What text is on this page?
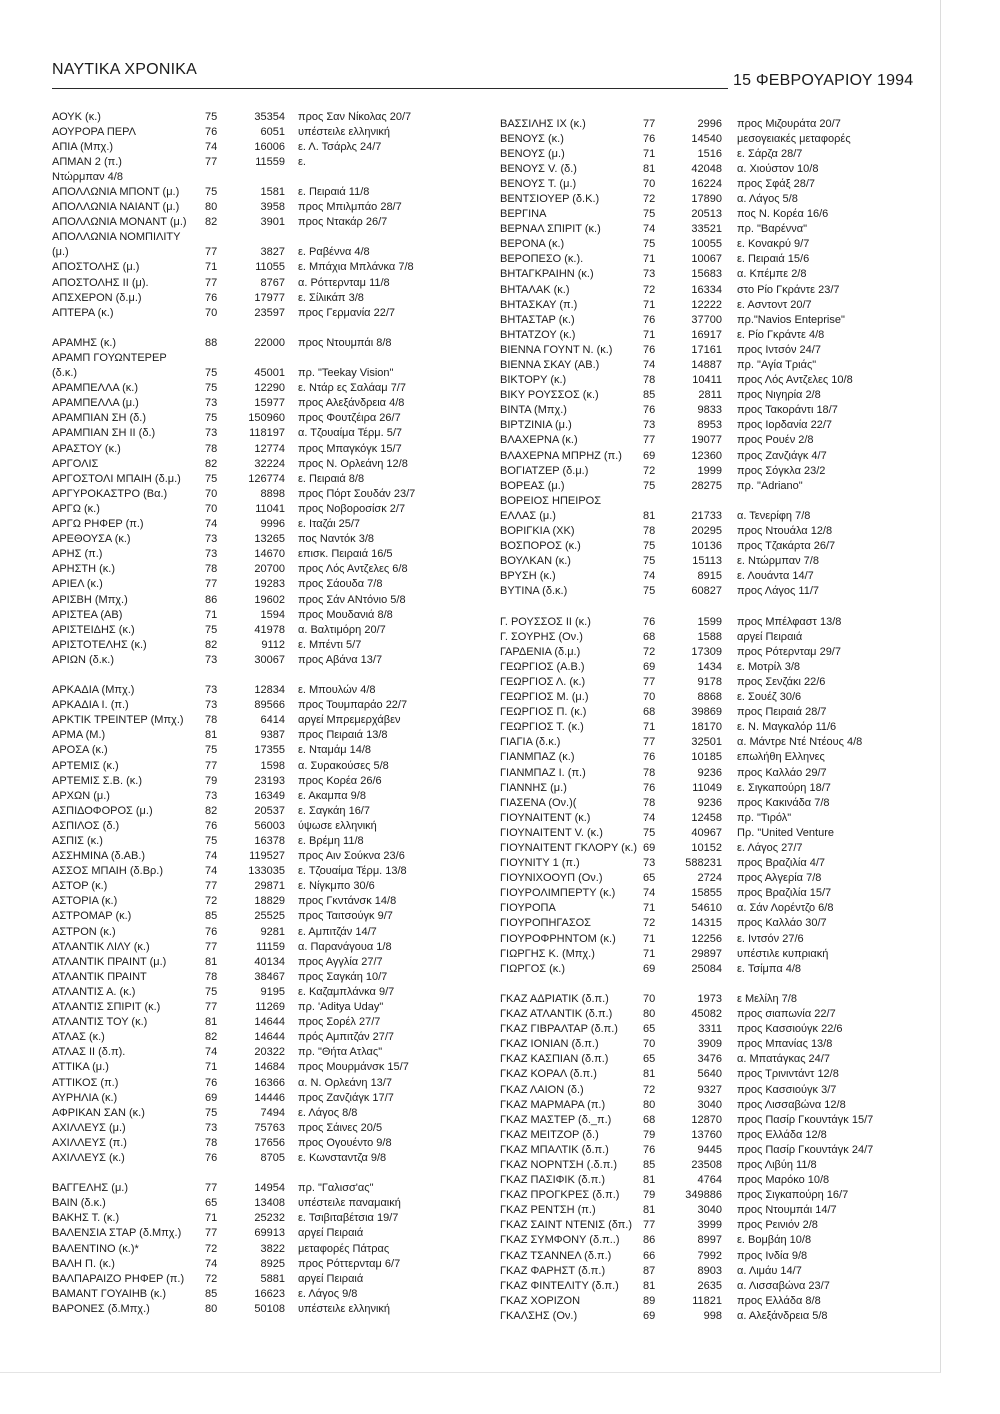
ΝΑΥΤΙΚΑ ΧΡΟΝΙΚΑ
15 ΦΕΒΡΟΥΑΡΙΟΥ 1994
ΑΟΥΚ (κ.)	75	35354 προς Σαν Νίκολας 20/7
ΑΟΥΡΟΡΑ ΠΕΡΛ	76	6051 υπέστειλε ελληνική
ΑΠΙΑ (Μπχ.)	74	16006 ε. Λ. Τσάρλς 24/7
ΑΠΜΑΝ 2 (π.)	77	11559 ε.
Ντώρμπαν 4/8
ΑΠΟΛΛΩΝΙΑ ΜΠΟΝΤ (μ.)	75	1581 ε. Πειραιά 11/8
ΑΠΟΛΛΩΝΙΑ ΝΑΙΑΝΤ (μ.)	80	3958 προς Μπιλμπάο 28/7
ΑΠΟΛΛΩΝΙΑ ΜΟΝΑΝΤ (μ.)	82	3901 προς Ντακάρ 26/7
ΑΠΟΛΛΩΝΙΑ ΝΟΜΠΙΛΙΤΥ
(μ.)	77	3827 ε. Ραβέννα 4/8
ΑΠΟΣΤΟΛΗΣ (μ.)	71	11055 ε. Μπάχια Μπλάνκα 7/8
ΑΠΟΣΤΟΛΗΣ ΙΙ (μ).	77	8767 α. Ρόττερνταμ 11/8
ΑΠΣΧΕΡΟΝ (δ.μ.)	76	17977 ε. Σίλικάπ 3/8
ΑΠΤΕΡΑ (κ.)	70	23597 προς Γερμανία 22/7
ΑΡΑΜΗΣ (κ.)	88	22000 προς Ντουμπάι 8/8
ΑΡΑΜΠ ΓΟΥΩΝΤΕΡΕΡ
(δ.κ.)	75	45001 πρ. "Teekay Vision"
ΑΡΑΜΠΕΛΛΑ (κ.)	75	12290 ε. Ντάρ ες Σαλάαμ 7/7
ΑΡΑΜΠΕΛΛΑ (μ.)	73	15977 προς Αλεξάνδρεια 4/8
ΑΡΑΜΠΙΑΝ ΣΗ (δ.)	75	150960 προς Φουτζέιρα 26/7
ΑΡΑΜΠΙΑΝ ΣΗ ΙΙ (δ.)	73	118197 α. Τζουαίμα Τέρμ. 5/7
ΑΡΑΣΤΟΥ (κ.)	78	12774 προς Μπαγκόγκ 15/7
ΑΡΓΟΛΙΣ	82	32224 προς Ν. Ορλεάνη 12/8
ΑΡΓΟΣΤΟΛΙ ΜΠΑΙΗ (δ.μ.)	75	126774 ε. Πειραιά 8/8
ΑΡΓΥΡΟΚΑΣΤΡΟ (Βα.)	70	8898 προς Πόρτ Σουδάν 23/7
ΑΡΓΩ (κ.)	70	11041 προς Νοβοροσίσκ 2/7
ΑΡΓΩ ΡΗΦΕΡ (π.)	74	9996 ε. Ιταζάι 25/7
ΑΡΕΘΟΥΣΑ (κ.)	73	13265 πος Ναντόκ 3/8
ΑΡΗΣ (π.)	73	14670 επισκ. Πειραιά 16/5
ΑΡΗΣΤΗ (κ.)	78	20700 προς Λός Αντζελες 6/8
ΑΡΙΕΛ (κ.)	77	19283 προς Σάουδα 7/8
ΑΡΙΣΒΗ (Μπχ.)	86	19602 προς Σάν ΑΝτόνιο 5/8
ΑΡΙΣΤΕΑ (ΑΒ)	71	1594 προς Μουδανιά 8/8
ΑΡΙΣΤΕΙΔΗΣ (κ.)	75	41978 α. Βαλτιμόρη 20/7
ΑΡΙΣΤΟΤΕΛΗΣ (κ.)	82	9112 ε. Μπέντι 5/7
ΑΡΙΩΝ (δ.κ.)	73	30067 προς Αβάνα 13/7
ΑΡΚΑΔΙΑ (Μπχ.)	73	12834 ε. Μπουλών 4/8
ΑΡΚΑΔΙΑ Ι. (π.)	73	89566 προς Τουμπαράο 22/7
ΑΡΚΤΙΚ ΤΡΕΙΝΤΕΡ (Μπχ.)	78	6414 αργεί Μπρεμερχάβεν
ΑΡΜΑ (Μ.)	81	9387 προς Πειραιά 13/8
ΑΡΟΣΑ (κ.)	75	17355 ε. Νταμάμ 14/8
ΑΡΤΕΜΙΣ (κ.)	77	1598 α. Συρακούσες 5/8
ΑΡΤΕΜΙΣ Σ.Β. (κ.)	79	23193 προς Κορέα 26/6
ΑΡΧΩΝ (μ.)	73	16349 ε. Ακαμπα 9/8
ΑΣΠΙΔΟΦΟΡΟΣ (μ.)	82	20537 ε. Σαγκάη 16/7
ΑΣΠΙΛΟΣ (δ.)	76	56003 ύψωσε ελληνική
ΑΣΠΙΣ (κ.)	75	16378 ε. Βρέμη 11/8
ΑΣΣΗΜΙΝΑ (δ.ΑΒ.)	74	119527 προς Αιν Σούκνα 23/6
ΑΣΣΟΣ ΜΠΑΙΗ (δ.Βρ.)	74	133035 ε. Τζουαίμα Τέρμ. 13/8
ΑΣΤΟΡ (κ.)	77	29871 ε. Νίγκμπο 30/6
ΑΣΤΟΡΙΑ (κ.)	72	18829 προς Γκντάνσκ 14/8
ΑΣΤΡΟΜΑΡ (κ.)	85	25525 προς Ταιτσούγκ 9/7
ΑΣΤΡΟΝ (κ.)	76	9281 ε. Αμπιτζάν 14/7
ΑΤΛΑΝΤΙΚ ΛΙΛΥ (κ.)	77	11159 α. Παρανάγουα 1/8
ΑΤΛΑΝΤΙΚ ΠΡΑΙΝΤ (μ.)	81	40134 προς Αγγλία 27/7
ΑΤΛΑΝΤΙΚ ΠΡΑΙΝΤ	78	38467 προς Σαγκάη 10/7
ΑΤΛΑΝΤΙΣ Α. (κ.)	75	9195 ε. Καζαμπλάνκα 9/7
ΑΤΛΑΝΤΙΣ ΣΠΙΡΙΤ (κ.)	77	11269 πρ. 'Aditya Uday"
ΑΤΛΑΝΤΙΣ ΤΟΥ (κ.)	81	14644 προς Σορέλ 27/7
ΑΤΛΑΣ (κ.)	82	14644 πρός Αμπιτζάν 27/7
ΑΤΛΑΣ ΙΙ (δ.π).	74	20322 πρ. "Θήτα Ατλας"
ΑΤΤΙΚΑ (μ.)	71	14684 προς Μουρμάνσκ 15/7
ΑΤΤΙΚΟΣ (π.)	76	16366 α. Ν. Ορλεάνη 13/7
ΑΥΡΗΛΙΑ (κ.)	69	14446 προς Ζανζιάγκ 17/7
ΑΦΡΙΚΑΝ ΣΑΝ (κ.)	75	7494 ε. Λάγος 8/8
ΑΧΙΛΛΕΥΣ (μ.)	73	75763 προς Σάινες 20/5
ΑΧΙΛΛΕΥΣ (π.)	78	17656 προς Ογουέντο 9/8
ΑΧΙΛΛΕΥΣ (κ.)	76	8705 ε. Κωνσταντζα 9/8
ΒΑΓΓΕΛΗΣ (μ.)	77	14954 πρ. "Γαλισσ'ας"
ΒΑΙΝ (δ.κ.)	65	13408 υπέστειλε παναμαική
ΒΑΚΗΣ Τ. (κ.)	71	25232 ε. Τσιβιταβέτσια 19/7
ΒΑΛΕΝΣΙΑ ΣΤΑΡ (δ.Μπχ.)	77	69913 αργεί Πειραιά
ΒΑΛΕΝΤΙΝΟ (κ.)*	72	3822 μεταφορές Πάτρας
ΒΑΛΗ Π. (κ.)	74	8925 προς Ρόττερνταμ 6/7
ΒΑΛΠΑΡΑΙΖΟ ΡΗΦΕΡ (π.)	72	5881 αργεί Πειραιά
ΒΑΜΑΝΤ ΓΟΥΑΙΗΒ (κ.)	85	16623 ε. Λάγος 9/8
ΒΑΡΟΝΕΣ (δ.Μπχ.)	80	50108 υπέστειλε ελληνική
ΒΑΣΣΙΛΗΣ ΙΧ (κ.)	77	2996 προς Μιζουράτα 20/7
ΒΕΝΟΥΣ (κ.)	76	14540 μεσογειακές μεταφορές
ΒΕΝΟΥΣ (μ.)	71	1516 ε. Σάρζα 28/7
ΒΕΝΟΥΣ V. (δ.)	81	42048 α. Χιούστον 10/8
ΒΕΝΟΥΣ Τ. (μ.)	70	16224 προς Σφάξ 28/7
ΒΕΝΤΣΙΟΥΕΡ (δ.Κ.)	72	17890 α. Λάγος 5/8
ΒΕΡΓΙΝΑ	75	20513 πος Ν. Κορέα 16/6
ΒΕΡΝΑΛ ΣΠΙΡΙΤ (κ.)	74	33521 πρ. "Βαρέννα"
ΒΕΡΟΝΑ (κ.)	75	10055 ε. Κονακρύ 9/7
ΒΕΡΟΠΕΣΟ (κ.).	71	10067 ε. Πειραιά 15/6
ΒΗΤΑΓΚΡΑΙΗΝ (κ.)	73	15683 α. Κπέμπε 2/8
ΒΗΤΑΛΑΚ (κ.)	72	16334 στο Ρίο Γκράντε 23/7
ΒΗΤΑΣΚΑΥ (π.)	71	12222 ε. Ασντοντ 20/7
ΒΗΤΑΣΤΑΡ (κ.)	76	37700 πρ."Navios Enteprise"
ΒΗΤΑΤΖΟΥ (κ.)	71	16917 ε. Ρίο Γκράντε 4/8
ΒΙΕΝΝΑ ΓΟΥΝΤ Ν. (κ.)	76	17161 προς Ιντσόν 24/7
ΒΙΕΝΝΑ ΣΚΑΥ (ΑΒ.)	74	14887 πρ. "Αγία Τριάς"
ΒΙΚΤΟΡΥ (κ.)	78	10411 προς Λός Αντζελες 10/8
ΒΙΚΥ ΡΟΥΣΣΟΣ (κ.)	85	2811 προς Νιγηρία 2/8
ΒΙΝΤΑ (Μπχ.)	76	9833 προς Τακοράντι 18/7
ΒΙΡΤΖΙΝΙΑ (μ.)	73	8953 προς Ιορδανία 22/7
ΒΛΑΧΕΡΝΑ (κ.)	77	19077 προς Ρουέν 2/8
ΒΛΑΧΕΡΝΑ ΜΠΡΗΖ (π.)	69	12360 προς Ζανζιάγκ 4/7
ΒΟΓΙΑΤΖΕΡ (δ.μ.)	72	1999 προς Σόγκλα 23/2
ΒΟΡΕΑΣ (μ.)	75	28275 πρ. "Adriano"
ΒΟΡΕΙΟΣ ΗΠΕΙΡΟΣ
ΕΛΛΑΣ (μ.)	81	21733 α. Τενερίφη 7/8
ΒΟΡΙΓΚΙΑ (ΧΚ)	78	20295 προς Ντουάλα 12/8
ΒΟΣΠΟΡΟΣ (κ.)	75	10136 προς Τζακάρτα 26/7
ΒΟΥΛΚΑΝ (κ.)	75	15113 ε. Ντώρμπαν 7/8
ΒΡΥΣΗ (κ.)	74	8915 ε. Λουάντα 14/7
ΒΥΤΙΝΑ (δ.κ.)	75	60827 προς Λάγος 11/7
Γ. ΡΟΥΣΣΟΣ ΙΙ (κ.)	76	1599 προς Μπέλφαστ 13/8
Γ. ΣΟΥΡΗΣ (Ον.)	68	1588 αργεί Πειραιά
ΓΑΡΔΕΝΙΑ (δ.μ.)	72	17309 προς Ρότερνταμ 29/7
ΓΕΩΡΓΙΟΣ (Α.Β.)	69	1434 ε. Μοτρίλ 3/8
ΓΕΩΡΓΙΟΣ Λ. (κ.)	77	9178 προς Σενζάκι 22/6
ΓΕΩΡΓΙΟΣ Μ. (μ.)	70	8868 ε. Σουέζ 30/6
ΓΕΩΡΓΙΟΣ Π. (κ.)	68	39869 προς Πειραιά 28/7
ΓΕΩΡΓΙΟΣ Τ. (κ.)	71	18170 ε. Ν. Μαγκαλόρ 11/6
ΓΙΑΓΙΑ (δ.κ.)	77	32501 α. Μάντρε Ντέ Ντέους 4/8
ΓΙΑΝΜΠΑΖ (κ.)	76	10185 επωλήθη Ελληνες
ΓΙΑΝΜΠΑΖ Ι. (π.)	78	9236 προς Καλλάο 29/7
ΓΙΑΝΝΗΣ (μ.)	76	11049 ε. Σιγκαπούρη 18/7
ΓΙΑΣΕΝΑ (Ον.)(	78	9236 προς Κακινάδα 7/8
ΓΙΟΥΝΑΙΤΕΝΤ (κ.)	74	12458 πρ. "Τιρόλ"
ΓΙΟΥΝΑΙΤΕΝΤ V. (κ.)	75	40967 Πρ. "United Venture
ΓΙΟΥΝΑΙΤΕΝΤ ΓΚΛΟΡΥ (κ.) 69	10152 ε. Λάγος 27/7
ΓΙΟΥΝΙΤΥ 1 (π.)	73	588231 προς Βραζιλία 4/7
ΓΙΟΥΝΙΧΟΟΥΠ (Ον.)	65	2724 προς Αλγερία 7/8
ΓΙΟΥΡΟΛΙΜΠΕΡΤΥ (κ.)	74	15855 προς Βραζιλία 15/7
ΓΙΟΥΡΟΠΑ	71	54610 α. Σάν Λορέντζο 6/8
ΓΙΟΥΡΟΠΗΓΑΣΟΣ	72	14315 προς Καλλάο 30/7
ΓΙΟΥΡΟΦΡΗΝΤΟΜ (κ.)	71	12256 ε. Ιντσόν 27/6
ΓΙΩΡΓΗΣ Κ. (Μπχ.)	71	29897 υπέστιλε κυπριακή
ΓΙΩΡΓΟΣ (κ.)	69	25084 ε. Τσίμπα 4/8
ΓΚΑΖ ΑΔΡΙΑΤΙΚ (δ.π.)	70	1973 ε Μελίλη 7/8
ΓΚΑΖ ΑΤΛΑΝΤΙΚ (δ.π.)	80	45082 προς σιαπωνία 22/7
ΓΚΑΖ ΓΙΒΡΑΛΤΑΡ (δ.π.)	65	3311 προς Κασσιούγκ 22/6
ΓΚΑΖ ΙΟΝΙΑΝ (δ.π.)	70	3909 προς Μπανίας 13/8
ΓΚΑΖ ΚΑΣΠΙΑΝ (δ.π.)	65	3476 α. Μπατάγκας 24/7
ΓΚΑΖ ΚΟΡΑΛ (δ.π.)	81	5640 προς Τρινιντάντ 12/8
ΓΚΑΖ ΛΑΙΟΝ (δ.)	72	9327 προς Κασσιούγκ 3/7
ΓΚΑΖ ΜΑΡΜΑΡΑ (π.)	80	3040 προς Λισσαβώνα 12/8
ΓΚΑΖ ΜΑΣΤΕΡ (δ._π.)	68	12870 προς Πασίρ Γκουντάγκ 15/7
ΓΚΑΖ ΜΕΙΤΖΟΡ (δ.)	79	13760 προς Ελλάδα 12/8
ΓΚΑΖ ΜΠΑΛΤΙΚ (δ.π.)	76	9445 προς Πασίρ Γκουντάγκ 24/7
ΓΚΑΖ ΝΟΡΝΤΣΗ (.δ.π.)	85	23508 προς Λιβύη 11/8
ΓΚΑΖ ΠΑΣΙΦΙΚ (δ.π.)	81	4764 προς Μαρόκο 10/8
ΓΚΑΖ ΠΡΟΓΚΡΕΣ (δ.π.)	79	349886 προς Σιγκαπούρη 16/7
ΓΚΑΖ ΡΕΝΤΣΗ (π.)	81	3040 προς Ντουμπάι 14/7
ΓΚΑΖ ΣΑΙΝΤ ΝΤΕΝΙΣ (δπ.) 77	3999 προς Ρεινιόν 2/8
ΓΚΑΖ ΣΥΜΦΟΝΥ (δ.π..)	86	8997 ε. Βομβάη 10/8
ΓΚΑΖ ΤΣΑΝΝΕΛ (δ.π.)	66	7992 προς Ινδία 9/8
ΓΚΑΖ ΦΑΡΗΣΤ (δ.π.)	87	8903 α. Λιμάυ 14/7
ΓΚΑΖ ΦΙΝΤΕΛΙΤΥ (δ.π.)	81	2635 α. Λισσαβώνα 23/7
ΓΚΑΖ ΧΟΡΙΖΟΝ	89	11821 προς Ελλάδα 8/8
ΓΚΑΛΣΗΣ (Ον.)	69	998 α. Αλεξάνδρεια 5/8
